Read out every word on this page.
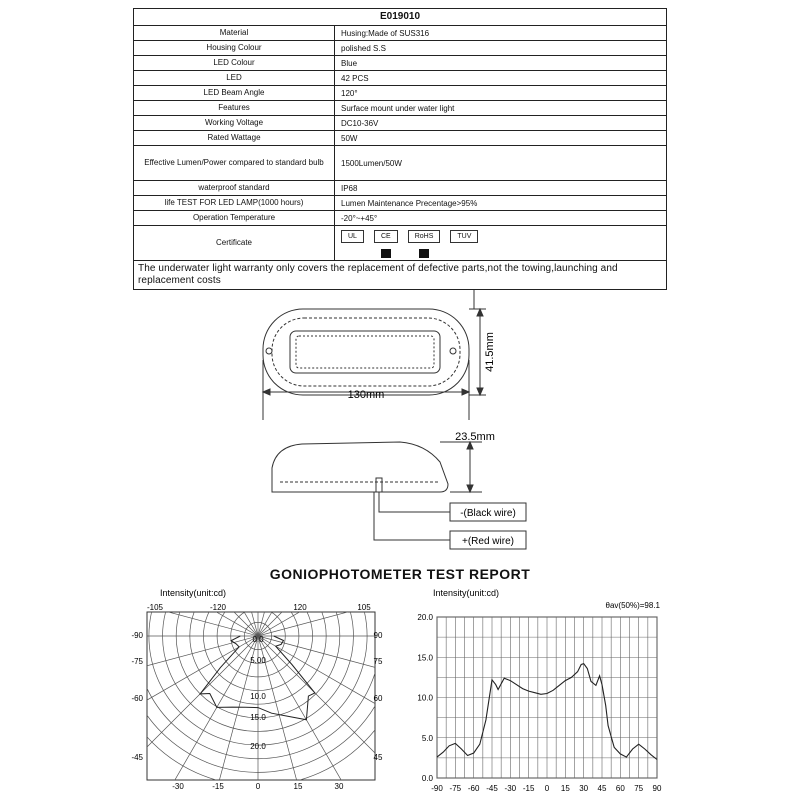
E019010
Material	Husing:Made of SUS316
Housing Colour	polished S.S
LED Colour	Blue
LED	42 PCS
LED Beam Angle	120°
Features	Surface mount under water light
Working Voltage	DC10-36V
Rated Wattage	50W
Effective Lumen/Power compared to standard bulb	1500Lumen/50W
waterproof standard	IP68
life TEST FOR LED LAMP(1000 hours)	Lumen Maintenance Precentage>95%
Operation Temperature	-20°~+45°
Certificate
UL	CE	RoHS	TUV
The underwater light warranty only covers the replacement of defective parts,not the towing,launching and replacement costs
130mm
41.5mm
23.5mm
-(Black wire)
+(Red wire)
GONIOPHOTOMETER TEST REPORT
Intensity(unit:cd)
-105	-120	120	105
-90
-75
-60
-45
90
75
60
45
-30	-15	0	15	30
0.0
5.00
10.0
15.0
20.0
Intensity(unit:cd)
θav(50%)=98.1
-90 -75 -60 -45 -30 -15 0 15 30 45 60 75 90
0.0
5.0
10.0
15.0
20.0
